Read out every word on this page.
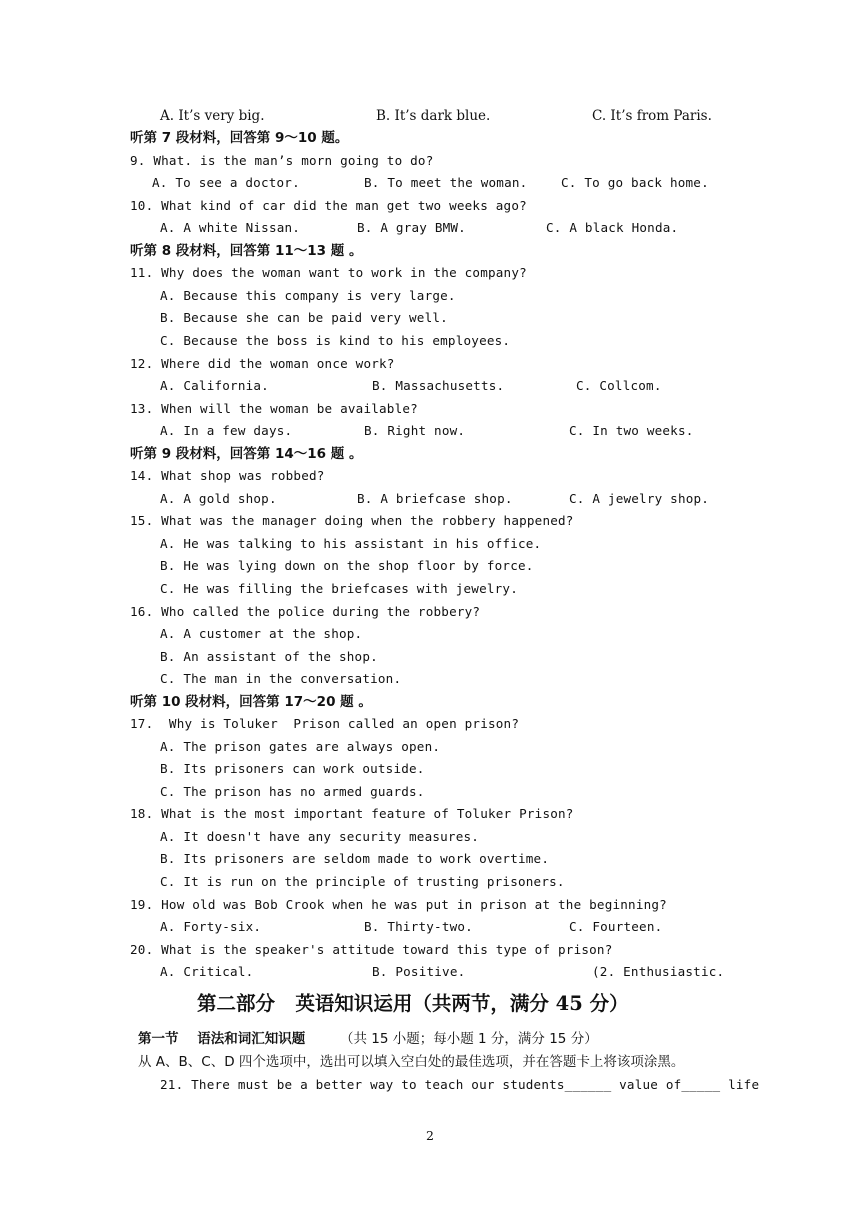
A. It’s very big.

	B. It’s dark blue.

	C. It’s from Paris.

听第 7 段材料，回答第 9～10 题。
9. What. is the man’s morn going to do?

A. To see a doctor.

	B. To meet the woman.

	C. To go back home.

10. What kind of car did the man get two weeks ago?

A. A white Nissan.

	B. A gray BMW.

	C. A black Honda.

听第 8 段材料，回答第 11～13 题 。
11. Why does the woman want to work in the company?
A. Because this company is very large.
B. Because she can be paid very well.
C. Because the boss is kind to his employees.
12. Where did the woman once work?

A. California.

	B. Massachusetts.

	C. Collcom.

13. When will the woman be available?

A. In a few days.

	B. Right now.

	C. In two weeks.

听第 9 段材料，回答第 14～16 题 。
14. What shop was robbed?

A. A gold shop.

	B. A briefcase shop.

	C. A jewelry shop.

15. What was the manager doing when the robbery happened?
A. He was talking to his assistant in his office.
B. He was lying down on the shop floor by force.
C. He was filling the briefcases with jewelry.
16. Who called the police during the robbery?
A. A customer at the shop.
B. An assistant of the shop.
C. The man in the conversation.
听第 10 段材料，回答第 17～20 题 。
17.  Why is Toluker  Prison called an open prison?
A. The prison gates are always open.
B. Its prisoners can work outside.
C. The prison has no armed guards.
18. What is the most important feature of Toluker Prison?
A. It doesn't have any security measures.
B. Its prisoners are seldom made to work overtime.
C. It is run on the principle of trusting prisoners.
19. How old was Bob Crook when he was put in prison at the beginning?

A. Forty-six.

	B. Thirty-two.

	C. Fourteen.

20. What is the speaker's attitude toward this type of prison?

A. Critical.

	B. Positive.

	(2. Enthusiastic.

第二部分   英语知识运用（共两节，满分 45 分）

第一节    语法和词汇知识题

	（共 15 小题；每小题 1 分，满分 15 分）

从 A、B、C、D 四个选项中，选出可以填入空白处的最佳选项，并在答题卡上将该项涂黑。
21. There must be a better way to teach our students______ value of_____ life
2
